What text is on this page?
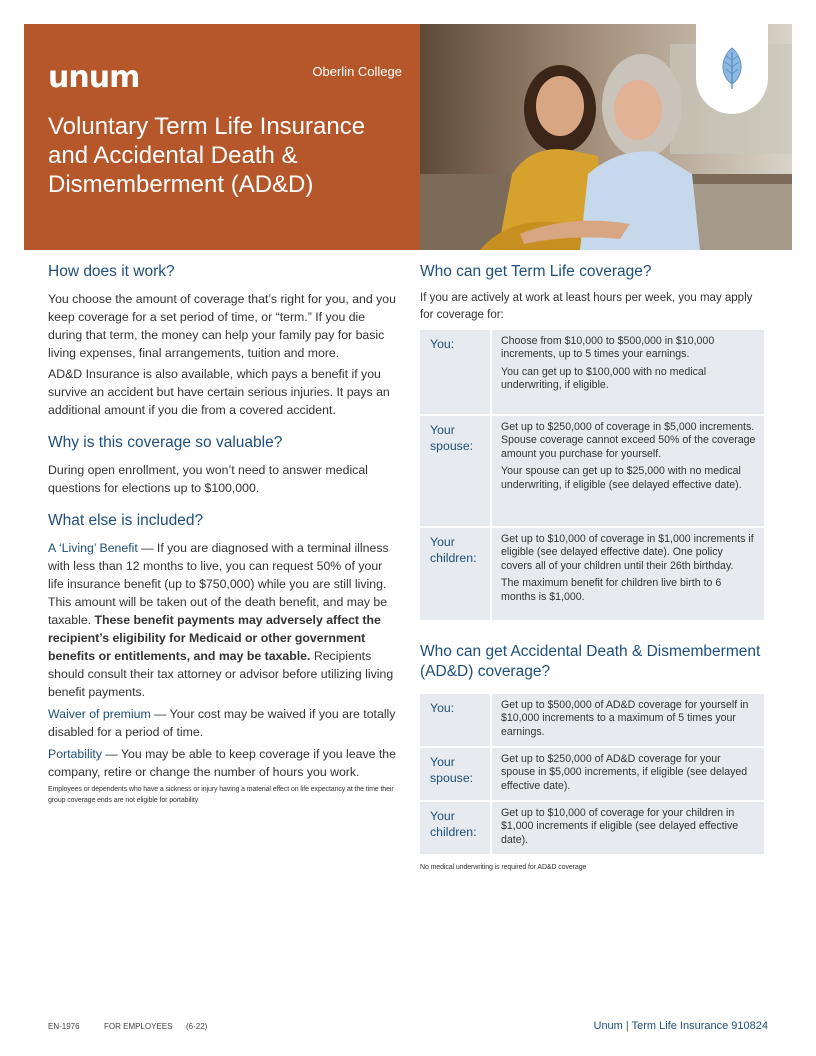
unum	Oberlin College
Voluntary Term Life Insurance and Accidental Death & Dismemberment (AD&D)
How does it work?

You choose the amount of coverage that’s right for you, and you keep coverage for a set period of time, or “term.” If you die during that term, the money can help your family pay for basic living expenses, final arrangements, tuition and more.

AD&D Insurance is also available, which pays a benefit if you survive an accident but have certain serious injuries. It pays an additional amount if you die from a covered accident.

Why is this coverage so valuable?

During open enrollment, you won’t need to answer medical questions for elections up to $100,000.

What else is included?

A ‘Living’ Benefit — If you are diagnosed with a terminal illness with less than 12 months to live, you can request 50% of your life insurance benefit (up to $750,000) while you are still living. This amount will be taken out of the death benefit, and may be taxable. These benefit payments may adversely affect the recipient’s eligibility for Medicaid or other government benefits or entitlements, and may be taxable. Recipients should consult their tax attorney or advisor before utilizing living benefit payments.

Waiver of premium — Your cost may be waived if you are totally disabled for a period of time.

Portability — You may be able to keep coverage if you leave the company, retire or change the number of hours you work.

Employees or dependents who have a sickness or injury having a material effect on life expectancy at the time their group coverage ends are not eligible for portability
Who can get Term Life coverage?

If you are actively at work at least hours per week, you may apply for coverage for:

You:	Choose from $10,000 to $500,000 in $10,000 increments, up to 5 times your earnings.
You can get up to $100,000 with no medical underwriting, if eligible.

Your spouse:	Get up to $250,000 of coverage in $5,000 increments. Spouse coverage cannot exceed 50% of the coverage amount you purchase for yourself.
Your spouse can get up to $25,000 with no medical underwriting, if eligible (see delayed effective date).

Your children:	Get up to $10,000 of coverage in $1,000 increments if eligible (see delayed effective date). One policy covers all of your children until their 26th birthday.
The maximum benefit for children live birth to 6 months is $1,000.
Who can get Accidental Death & Dismemberment (AD&D) coverage?
You:	Get up to $500,000 of AD&D coverage for yourself in $10,000 increments to a maximum of 5 times your earnings.

Your spouse:	Get up to $250,000 of AD&D coverage for your spouse in $5,000 increments, if eligible (see delayed effective date).

Your children:	Get up to $10,000 of coverage for your children in $1,000 increments if eligible (see delayed effective date).
No medical underwriting is required for AD&D coverage
EN-1976	FOR EMPLOYEES (6-22)	Unum | Term Life Insurance 910824
